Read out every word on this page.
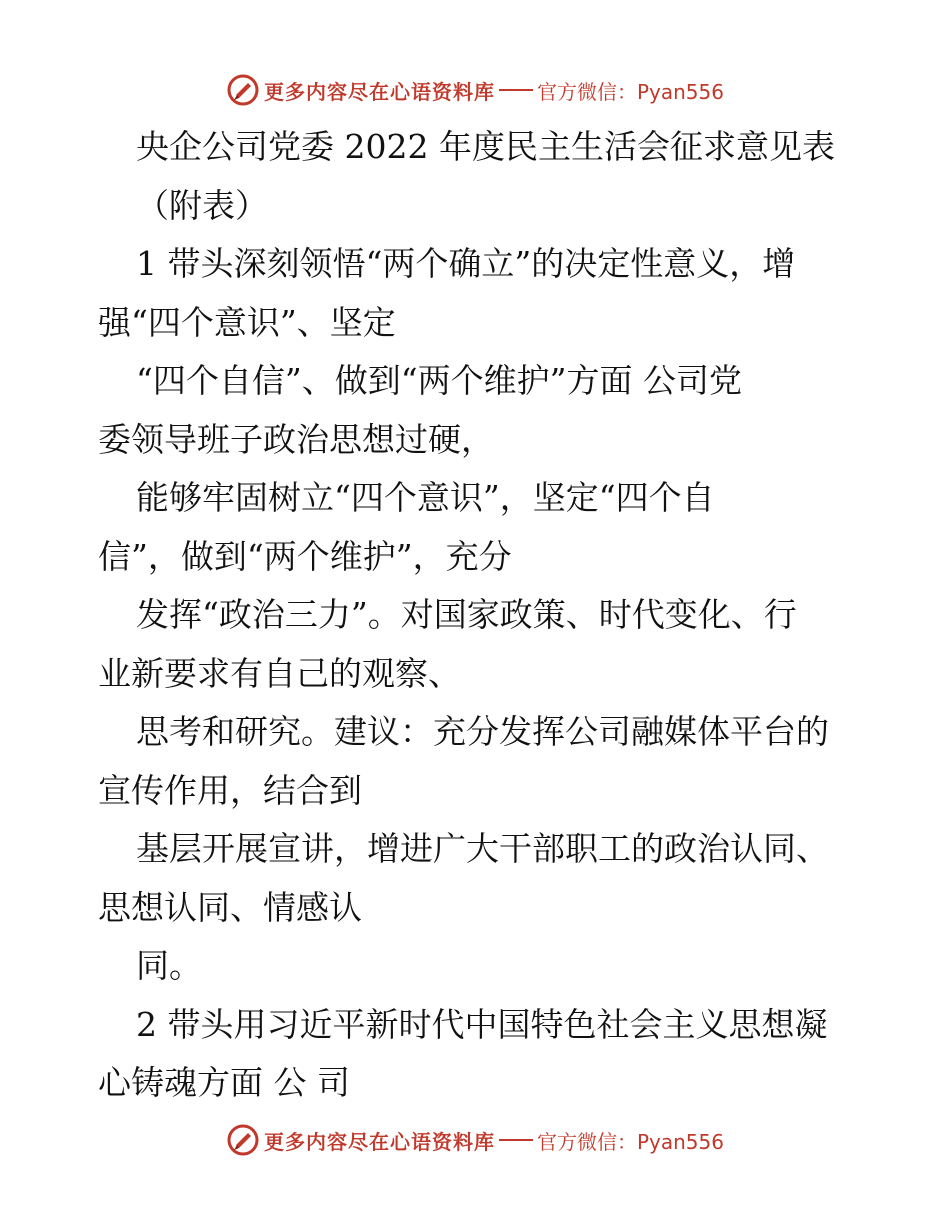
更多内容尽在心语资料库 官方微信：Pyan556
央企公司党委 2022 年度民主生活会征求意见表
（附表）
1 带头深刻领悟“两个确立”的决定性意义，增
强“四个意识”、坚定
“四个自信”、做到“两个维护”方面 公司党
委领导班子政治思想过硬，
能够牢固树立“四个意识”，坚定“四个自
信”，做到“两个维护”，充分
发挥“政治三力”。对国家政策、时代变化、行
业新要求有自己的观察、
思考和研究。建议：充分发挥公司融媒体平台的
宣传作用，结合到
基层开展宣讲，增进广大干部职工的政治认同、
思想认同、情感认
同。
2 带头用习近平新时代中国特色社会主义思想凝
心铸魂方面 公 司
更多内容尽在心语资料库 官方微信：Pyan556
